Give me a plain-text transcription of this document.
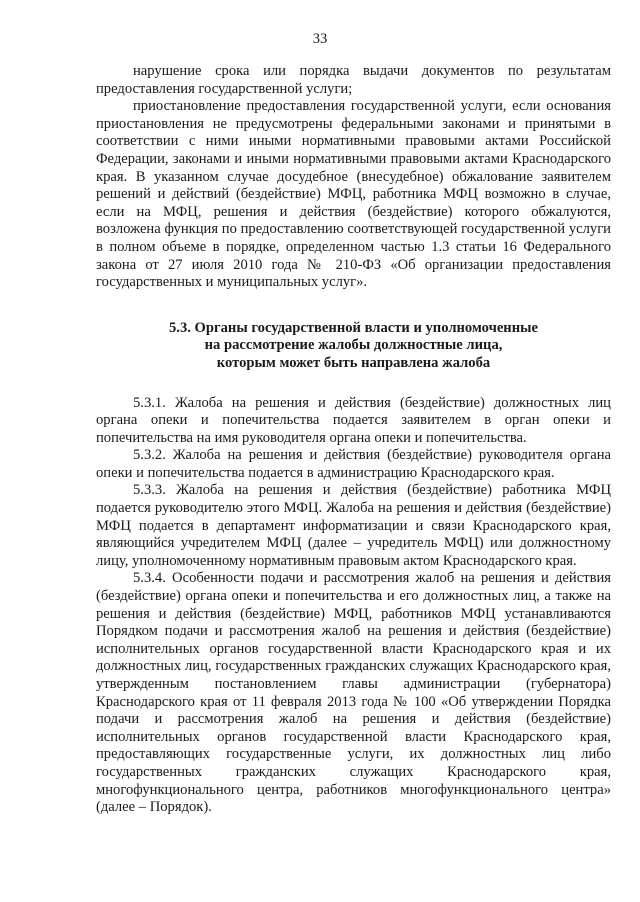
33

нарушение срока или порядка выдачи документов по результатам предоставления государственной услуги;

приостановление предоставления государственной услуги, если основания приостановления не предусмотрены федеральными законами и принятыми в соответствии с ними иными нормативными правовыми актами Российской Федерации, законами и иными нормативными правовыми актами Краснодарского края. В указанном случае досудебное (внесудебное) обжалование заявителем решений и действий (бездействие) МФЦ, работника МФЦ возможно в случае, если на МФЦ, решения и действия (бездействие) которого обжалуются, возложена функция по предоставлению соответствующей государственной услуги в полном объеме в порядке, определенном частью 1.3 статьи 16 Федерального закона от 27 июля 2010 года № 210-ФЗ «Об организации предоставления государственных и муниципальных услуг».

5.3. Органы государственной власти и уполномоченные
на рассмотрение жалобы должностные лица,
которым может быть направлена жалоба

5.3.1. Жалоба на решения и действия (бездействие) должностных лиц органа опеки и попечительства подается заявителем в орган опеки и попечительства на имя руководителя органа опеки и попечительства.

5.3.2. Жалоба на решения и действия (бездействие) руководителя органа опеки и попечительства подается в администрацию Краснодарского края.

5.3.3. Жалоба на решения и действия (бездействие) работника МФЦ подается руководителю этого МФЦ. Жалоба на решения и действия (бездействие) МФЦ подается в департамент информатизации и связи Краснодарского края, являющийся учредителем МФЦ (далее – учредитель МФЦ) или должностному лицу, уполномоченному нормативным правовым актом Краснодарского края.

5.3.4. Особенности подачи и рассмотрения жалоб на решения и действия (бездействие) органа опеки и попечительства и его должностных лиц, а также на решения и действия (бездействие) МФЦ, работников МФЦ устанавливаются Порядком подачи и рассмотрения жалоб на решения и действия (бездействие) исполнительных органов государственной власти Краснодарского края и их должностных лиц, государственных гражданских служащих Краснодарского края, утвержденным постановлением главы администрации (губернатора) Краснодарского края от 11 февраля 2013 года № 100 «Об утверждении Порядка подачи и рассмотрения жалоб на решения и действия (бездействие) исполнительных органов государственной власти Краснодарского края, предоставляющих государственные услуги, их должностных лиц либо государственных гражданских служащих Краснодарского края, многофункционального центра, работников многофункционального центра» (далее – Порядок).
